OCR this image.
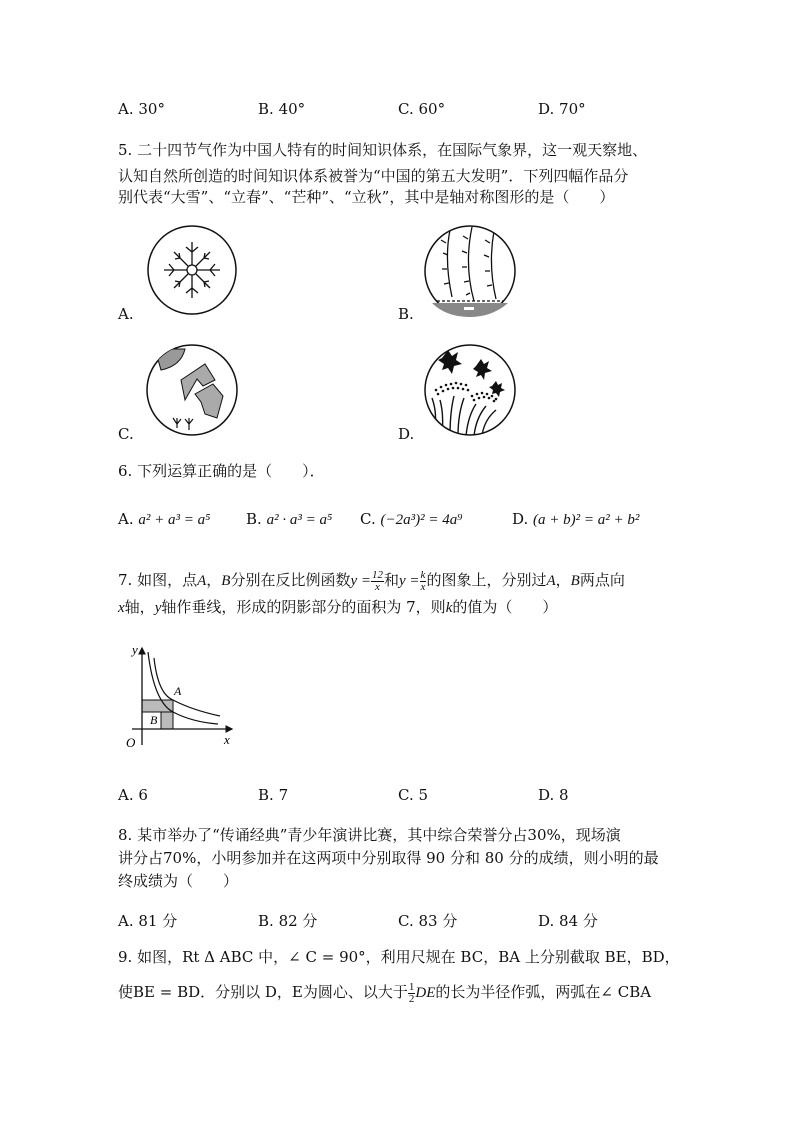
A. 30°	B. 40°	C. 60°	D. 70°
5. 二十四节气作为中国人特有的时间知识体系，在国际气象界，这一观天察地、
认知自然所创造的时间知识体系被誉为“中国的第五大发明”．下列四幅作品分
别代表“大雪”、“立春”、“芒种”、“立秋”，其中是轴对称图形的是（　　）
A.	B.
C.	D.
6. 下列运算正确的是（　　）．
A. a² + a³ = a⁵ B. a² · a³ = a⁵ C. (−2a³)² = 4a⁹	D. (a + b)² = a² + b²
7. 如图，点A，B分别在反比例函数$y = \frac{12}{x}$ 和$y = \frac{k}{x}$ 的图象上，分别过A，B两点向
x轴，y轴作垂线，形成的阴影部分的面积为 7，则k的值为（　　）
y
x
O
A
B
A. 6	B. 7	C. 5	D. 8
8. 某市举办了“传诵经典”青少年演讲比赛，其中综合荣誉分占30%，现场演
讲分占70%，小明参加并在这两项中分别取得 90 分和 80 分的成绩，则小明的最
终成绩为（　　）
A. 81 分	B. 82 分	C. 83 分	D. 84 分
9. 如图，Rt Δ ABC 中，∠ C = 90°，利用尺规在 BC，BA 上分别截取 BE，BD，
使BE = BD．分别以 D，E为圆心、以大于 $\frac{1}{2}$ DE的长为半径作弧，两弧在∠ CBA
